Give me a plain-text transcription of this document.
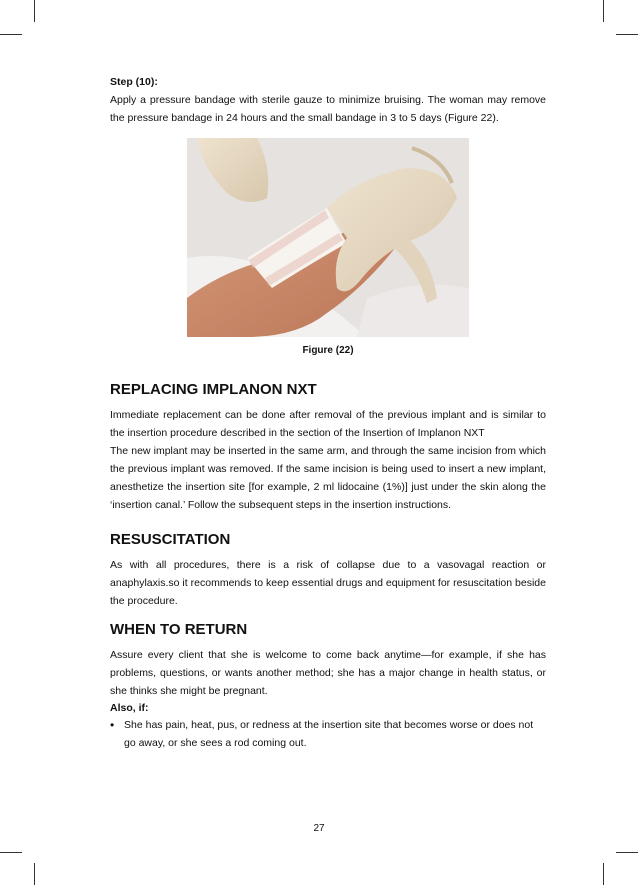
Step (10):

Apply a pressure bandage with sterile gauze to minimize bruising. The woman may remove the pressure bandage in 24 hours and the small bandage in 3 to 5 days (Figure 22).

Figure (22)
REPLACING IMPLANON NXT

Immediate replacement can be done after removal of the previous implant and is similar to the insertion procedure described in the section of the Insertion of Implanon NXT

The new implant may be inserted in the same arm, and through the same incision from which the previous implant was removed. If the same incision is being used to insert a new implant, anesthetize the insertion site [for example, 2 ml lidocaine (1%)] just under the skin along the ‘insertion canal.’ Follow the subsequent steps in the insertion instructions.

RESUSCITATION

As with all procedures, there is a risk of collapse due to a vasovagal reaction or anaphylaxis.so it recommends to keep essential drugs and equipment for resuscitation beside the procedure.

WHEN TO RETURN

Assure every client that she is welcome to come back anytime—for example, if she has problems, questions, or wants another method; she has a major change in health status, or she thinks she might be pregnant.

Also, if:
• She has pain, heat, pus, or redness at the insertion site that becomes worse or does not go away, or she sees a rod coming out.
27
